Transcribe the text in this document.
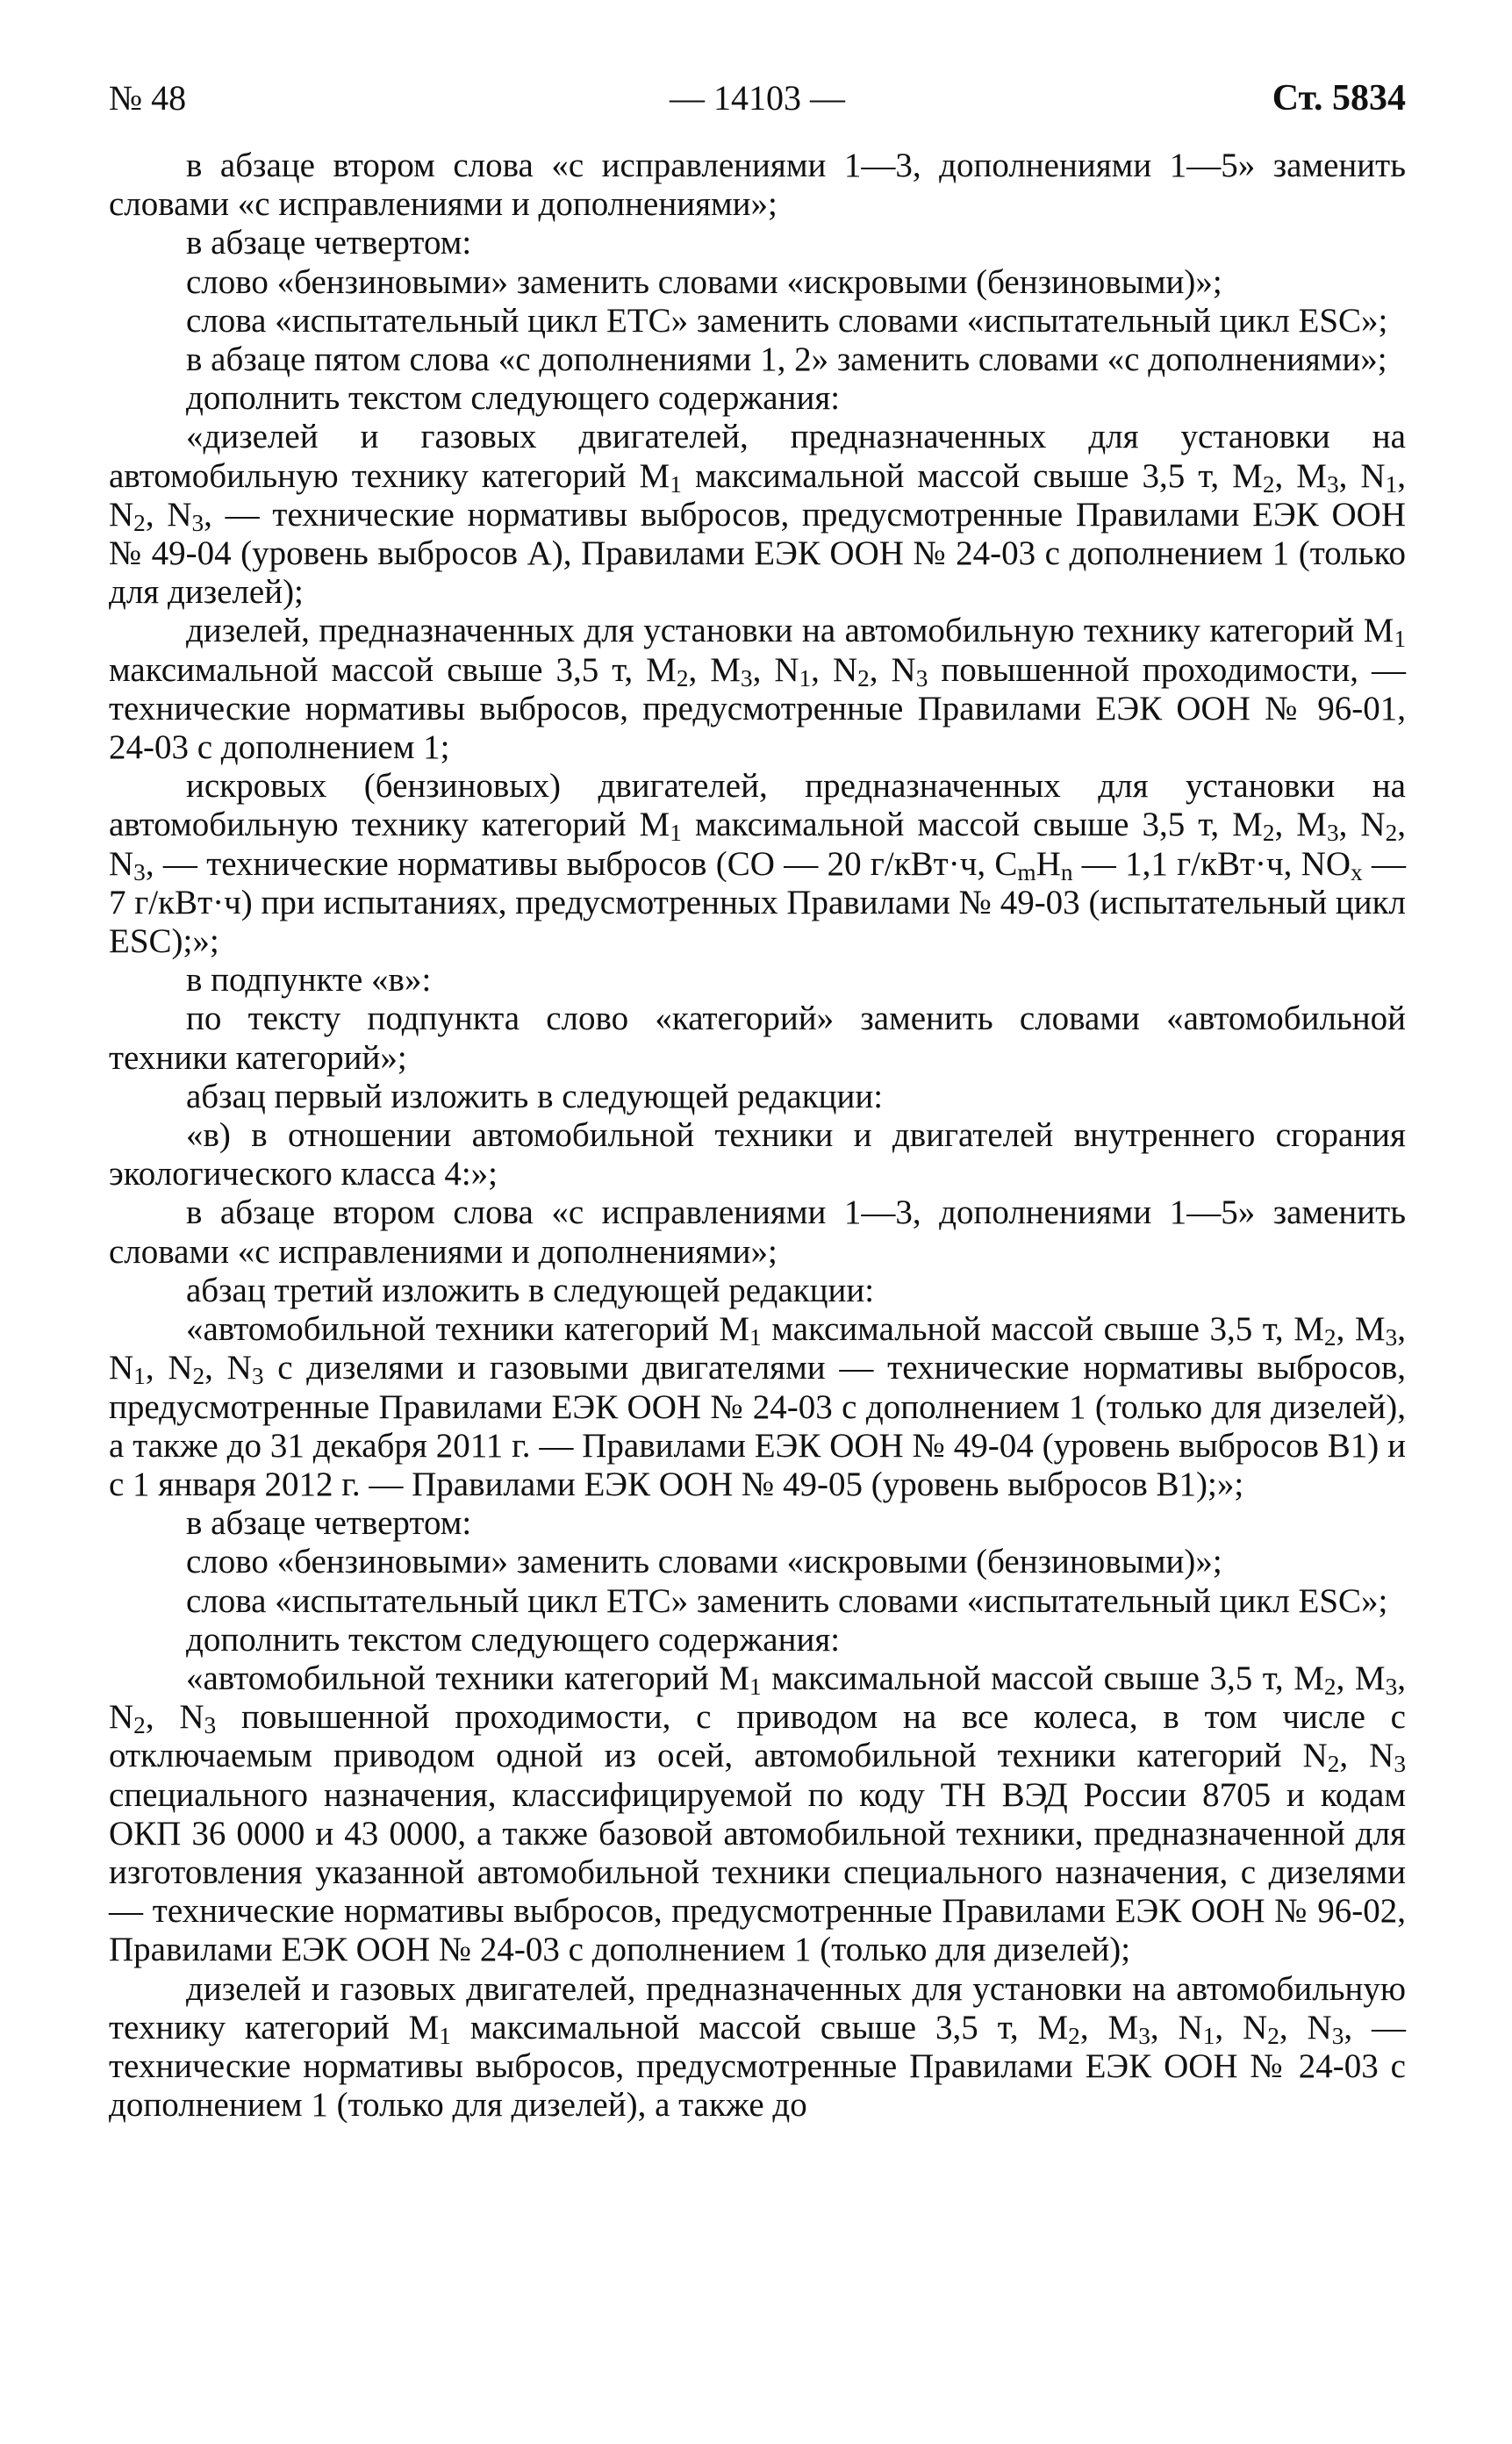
№ 48	— 14103 —	Ст. 5834

в абзаце втором слова «с исправлениями 1—3, дополнениями 1—5» заменить словами «с исправлениями и дополнениями»;

в абзаце четвертом:

слово «бензиновыми» заменить словами «искровыми (бензиновыми)»;

слова «испытательный цикл ETC» заменить словами «испытательный цикл ESC»;

в абзаце пятом слова «с дополнениями 1, 2» заменить словами «с дополнениями»;

дополнить текстом следующего содержания:

«дизелей и газовых двигателей, предназначенных для установки на автомобильную технику категорий $M_1$ максимальной массой свыше 3,5 т, $M_2$, $M_3$, $N_1$, $N_2$, $N_3$, — технические нормативы выбросов, предусмотренные Правилами ЕЭК ООН № 49-04 (уровень выбросов А), Правилами ЕЭК ООН № 24-03 с дополнением 1 (только для дизелей);

дизелей, предназначенных для установки на автомобильную технику категорий $M_1$ максимальной массой свыше 3,5 т, $M_2$, $M_3$, $N_1$, $N_2$, $N_3$ повышенной проходимости, — технические нормативы выбросов, предусмотренные Правилами ЕЭК ООН № 96-01, 24-03 с дополнением 1;

искровых (бензиновых) двигателей, предназначенных для установки на автомобильную технику категорий $M_1$ максимальной массой свыше 3,5 т, $M_2$, $M_3$, $N_2$, $N_3$, — технические нормативы выбросов (CO — 20 г/кВт·ч, $C_mH_n$ — 1,1 г/кВт·ч, $NO_x$ — 7 г/кВт·ч) при испытаниях, предусмотренных Правилами № 49-03 (испытательный цикл ESC);»;

в подпункте «в»:

по тексту подпункта слово «категорий» заменить словами «автомобильной техники категорий»;

абзац первый изложить в следующей редакции:

«в) в отношении автомобильной техники и двигателей внутреннего сгорания экологического класса 4:»;

в абзаце втором слова «с исправлениями 1—3, дополнениями 1—5» заменить словами «с исправлениями и дополнениями»;

абзац третий изложить в следующей редакции:

«автомобильной техники категорий $M_1$ максимальной массой свыше 3,5 т, $M_2$, $M_3$, $N_1$, $N_2$, $N_3$ с дизелями и газовыми двигателями — технические нормативы выбросов, предусмотренные Правилами ЕЭК ООН № 24-03 с дополнением 1 (только для дизелей), а также до 31 декабря 2011 г. — Правилами ЕЭК ООН № 49-04 (уровень выбросов B1) и с 1 января 2012 г. — Правилами ЕЭК ООН № 49-05 (уровень выбросов B1);»;

в абзаце четвертом:

слово «бензиновыми» заменить словами «искровыми (бензиновыми)»;

слова «испытательный цикл ETC» заменить словами «испытательный цикл ESC»;

дополнить текстом следующего содержания:

«автомобильной техники категорий $M_1$ максимальной массой свыше 3,5 т, $M_2$, $M_3$, $N_2$, $N_3$ повышенной проходимости, с приводом на все колеса, в том числе с отключаемым приводом одной из осей, автомобильной техники категорий $N_2$, $N_3$ специального назначения, классифицируемой по коду ТН ВЭД России 8705 и кодам ОКП 36 0000 и 43 0000, а также базовой автомобильной техники, предназначенной для изготовления указанной автомобильной техники специального назначения, с дизелями — технические нормативы выбросов, предусмотренные Правилами ЕЭК ООН № 96-02, Правилами ЕЭК ООН № 24-03 с дополнением 1 (только для дизелей);

дизелей и газовых двигателей, предназначенных для установки на автомобильную технику категорий $M_1$ максимальной массой свыше 3,5 т, $M_2$, $M_3$, $N_1$, $N_2$, $N_3$, — технические нормативы выбросов, предусмотренные Правилами ЕЭК ООН № 24-03 с дополнением 1 (только для дизелей), а также до
